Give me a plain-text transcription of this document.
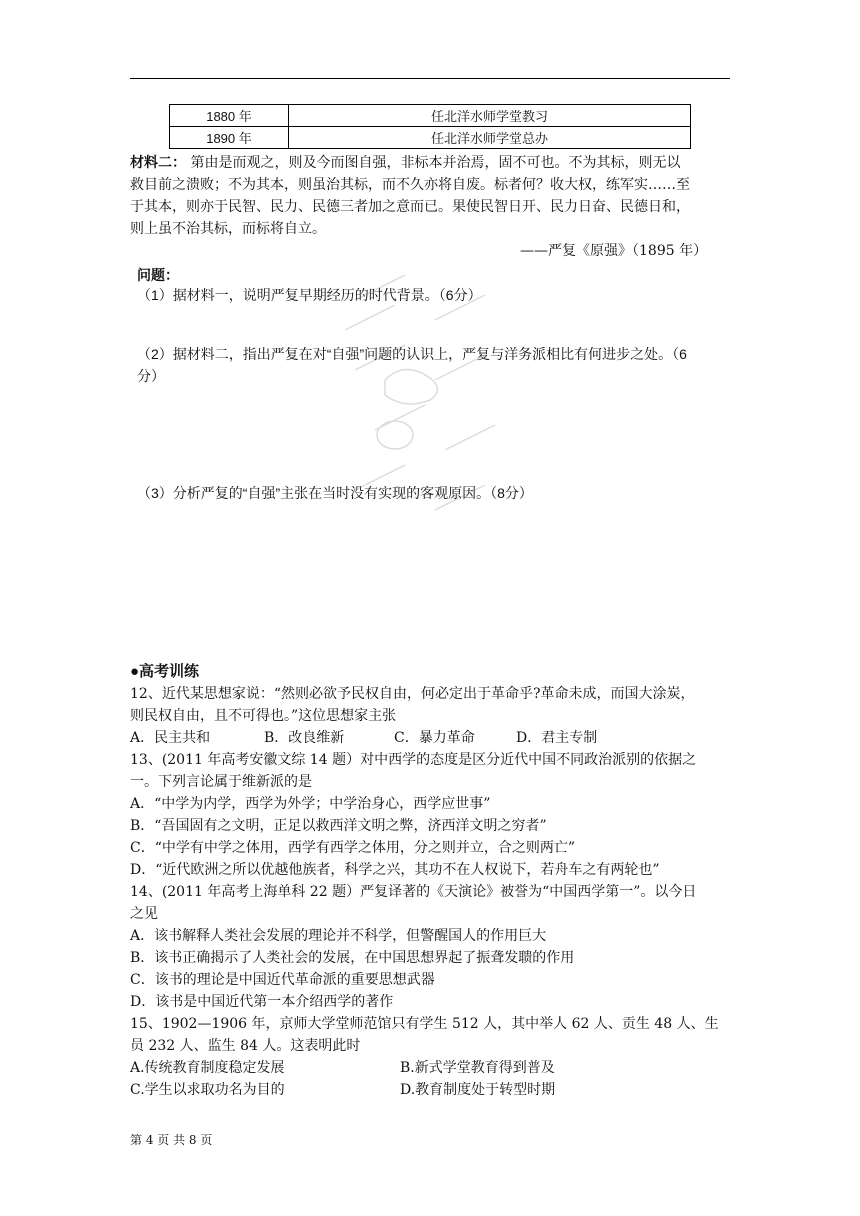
1880 年	任北洋水师学堂教习
1890 年	任北洋水师学堂总办
材料二： 第由是而观之，则及今而图自强，非标本并治焉，固不可也。不为其标，则无以
救目前之溃败；不为其本，则虽治其标，而不久亦将自废。标者何？收大权，练军实……至
于其本，则亦于民智、民力、民德三者加之意而已。果使民智日开、民力日奋、民德日和，
则上虽不治其标，而标将自立。
——严复《原强》（1895 年）
问题：
（1）据材料一，说明严复早期经历的时代背景。（6分）
（2）据材料二，指出严复在对“自强”问题的认识上，严复与洋务派相比有何进步之处。（6
分）
（3）分析严复的“自强”主张在当时没有实现的客观原因。（8分）
●高考训练
12、近代某思想家说：“然则必欲予民权自由，何必定出于革命乎?革命未成，而国大涂炭，
则民权自由，且不可得也。”这位思想家主张
A．民主共和	B．改良维新	C．暴力革命	D．君主专制
13、(2011 年高考安徽文综 14 题）对中西学的态度是区分近代中国不同政治派别的依据之
一。下列言论属于维新派的是
A．“中学为内学，西学为外学；中学治身心，西学应世事”
B．“吾国固有之文明，正足以救西洋文明之弊，济西洋文明之穷者”
C．“中学有中学之体用，西学有西学之体用，分之则并立，合之则两亡”
D．“近代欧洲之所以优越他族者，科学之兴，其功不在人权说下，若舟车之有两轮也”
14、(2011 年高考上海单科 22 题）严复译著的《天演论》被誉为“中国西学第一”。以今日
之见
A．该书解释人类社会发展的理论并不科学，但警醒国人的作用巨大
B．该书正确揭示了人类社会的发展，在中国思想界起了振聋发聩的作用
C．该书的理论是中国近代革命派的重要思想武器
D．该书是中国近代第一本介绍西学的著作
15、1902—1906 年，京师大学堂师范馆只有学生 512 人，其中举人 62 人、贡生 48 人、生
员 232 人、监生 84 人。这表明此时
A.传统教育制度稳定发展	B.新式学堂教育得到普及
C.学生以求取功名为目的	D.教育制度处于转型时期
第 4 页 共 8 页
